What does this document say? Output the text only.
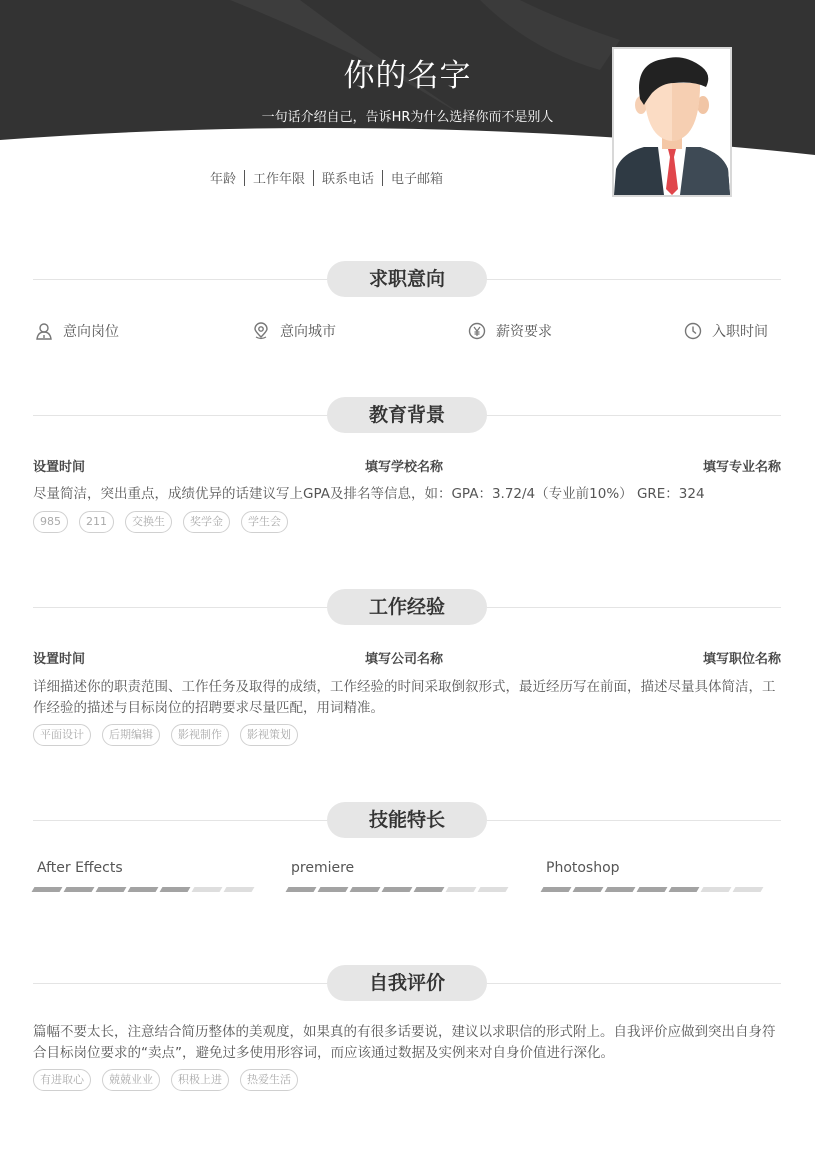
你的名字
一句话介绍自己，告诉HR为什么选择你而不是别人
年龄 工作年限 联系电话 电子邮箱
求职意向
意向岗位	意向城市	薪资要求	入职时间
教育背景
设置时间	填写学校名称	填写专业名称
尽量简洁，突出重点，成绩优异的话建议写上GPA及排名等信息，如：GPA：3.72/4（专业前10%） GRE：324
985	211	交换生	奖学金	学生会
工作经验
设置时间	填写公司名称	填写职位名称
详细描述你的职责范围、工作任务及取得的成绩，工作经验的时间采取倒叙形式，最近经历写在前面，描述尽量具体简洁，工作经验的描述与目标岗位的招聘要求尽量匹配，用词精准。
平面设计	后期编辑	影视制作	影视策划
技能特长
After Effects	premiere	Photoshop
自我评价
篇幅不要太长，注意结合简历整体的美观度，如果真的有很多话要说，建议以求职信的形式附上。自我评价应做到突出自身符合目标岗位要求的“卖点”，避免过多使用形容词，而应该通过数据及实例来对自身价值进行深化。
有进取心	兢兢业业	积极上进	热爱生活
